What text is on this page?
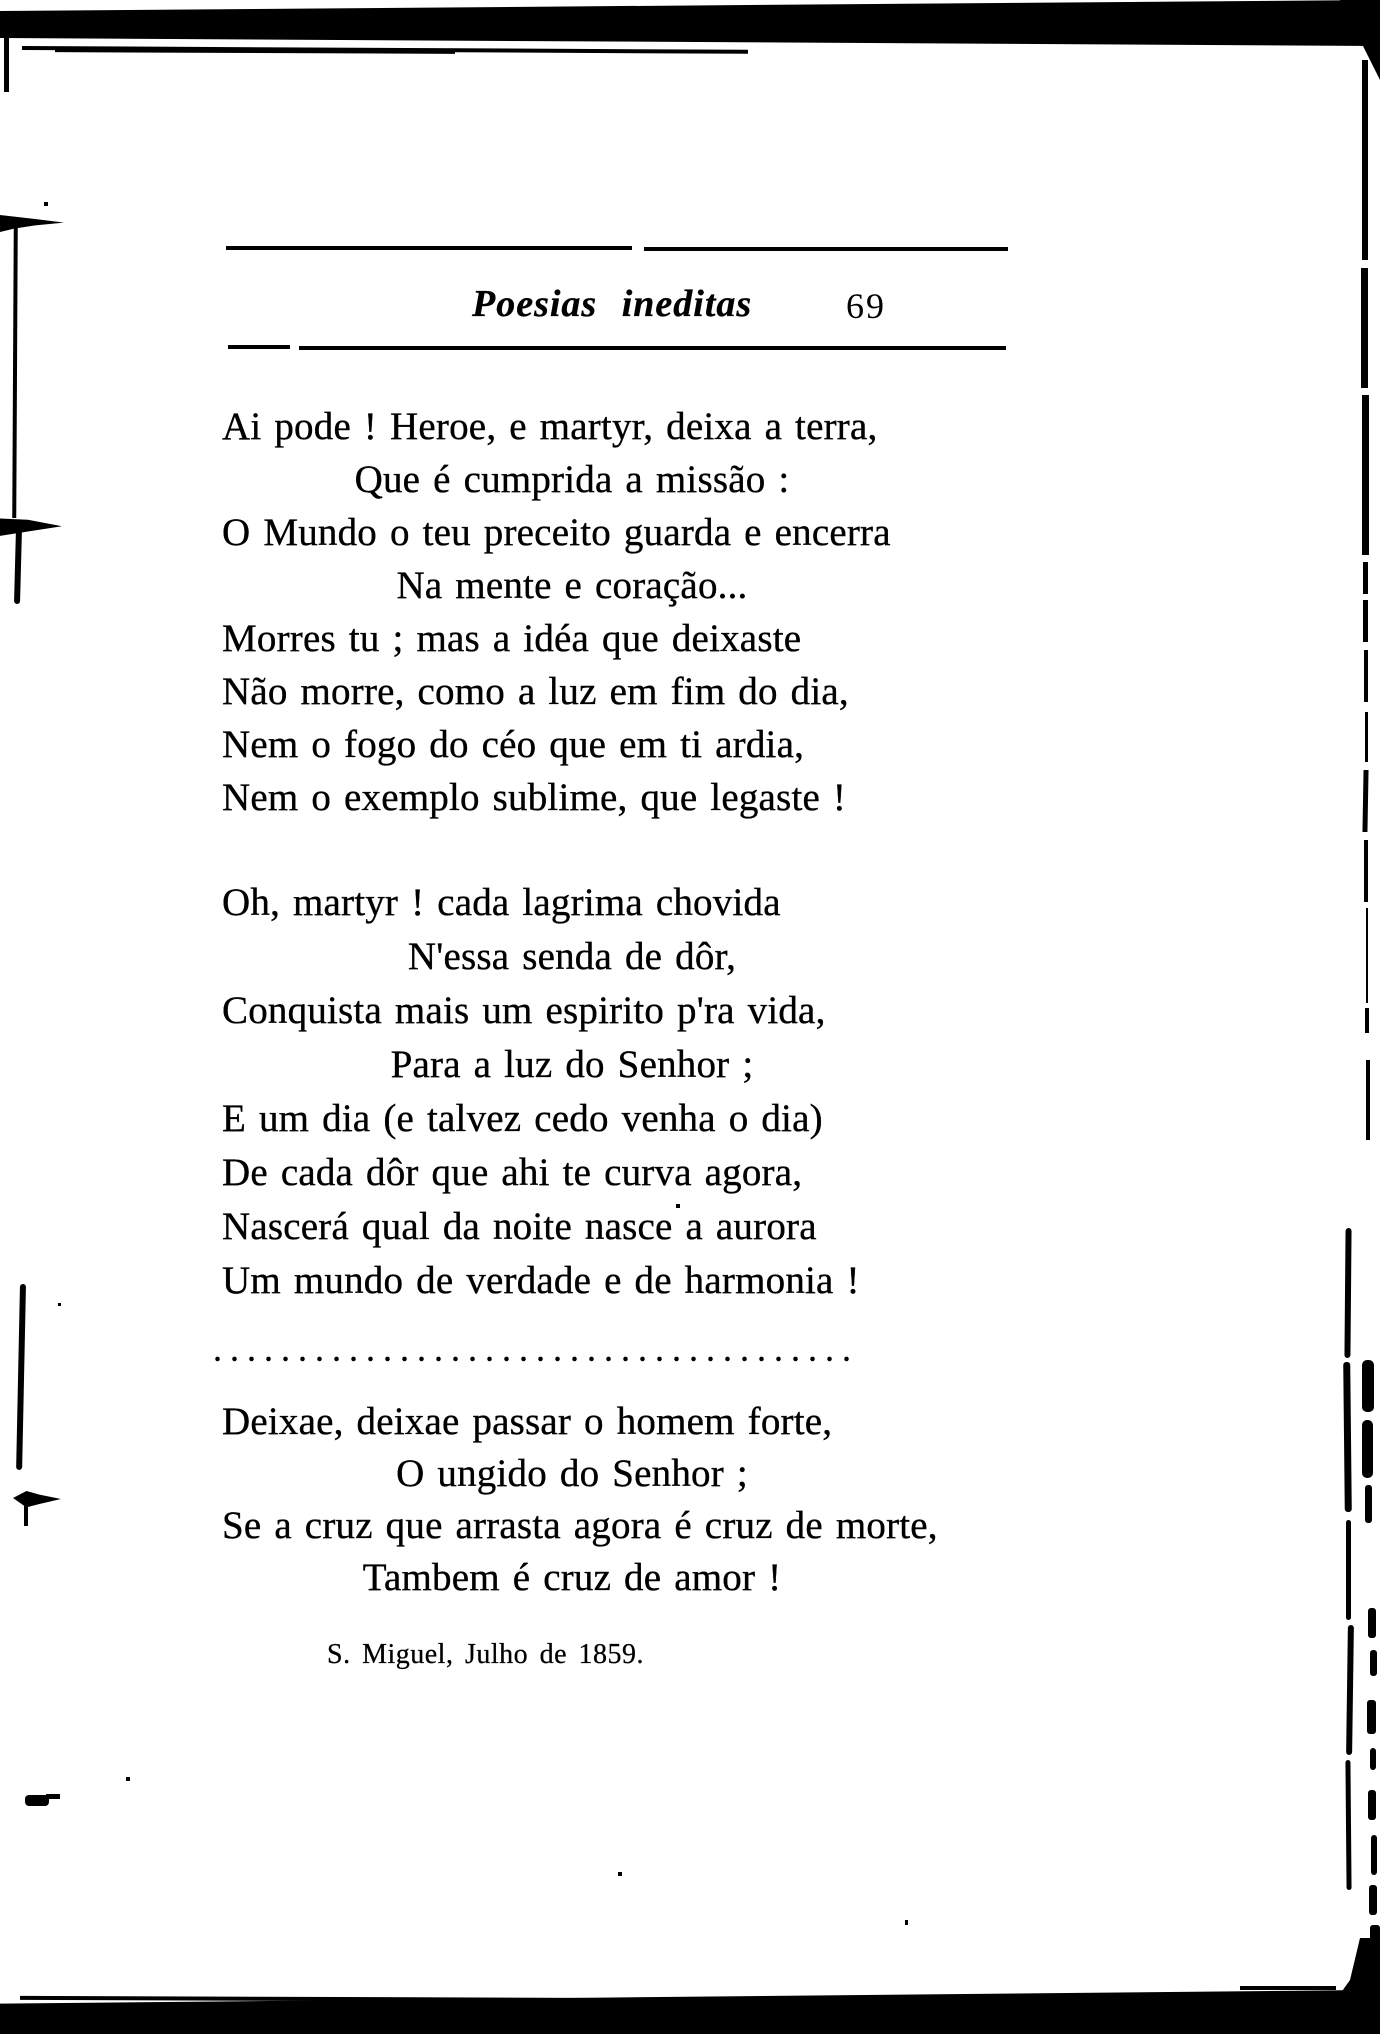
Poesias ineditas	69
Ai pode ! Heroe, e martyr, deixa a terra,
Que é cumprida a missão :
O Mundo o teu preceito guarda e encerra
Na mente e coração...
Morres tu ; mas a idéa que deixaste
Não morre, como a luz em fim do dia,
Nem o fogo do céo que em ti ardia,
Nem o exemplo sublime, que legaste !
Oh, martyr ! cada lagrima chovida
N'essa senda de dôr,
Conquista mais um espirito p'ra vida,
Para a luz do Senhor ;
E um dia (e talvez cedo venha o dia)
De cada dôr que ahi te curva agora,
Nascerá qual da noite nasce a aurora
Um mundo de verdade e de harmonia !
......................................
Deixae, deixae passar o homem forte,
O ungido do Senhor ;
Se a cruz que arrasta agora é cruz de morte,
Tambem é cruz de amor !
S. Miguel, Julho de 1859.
